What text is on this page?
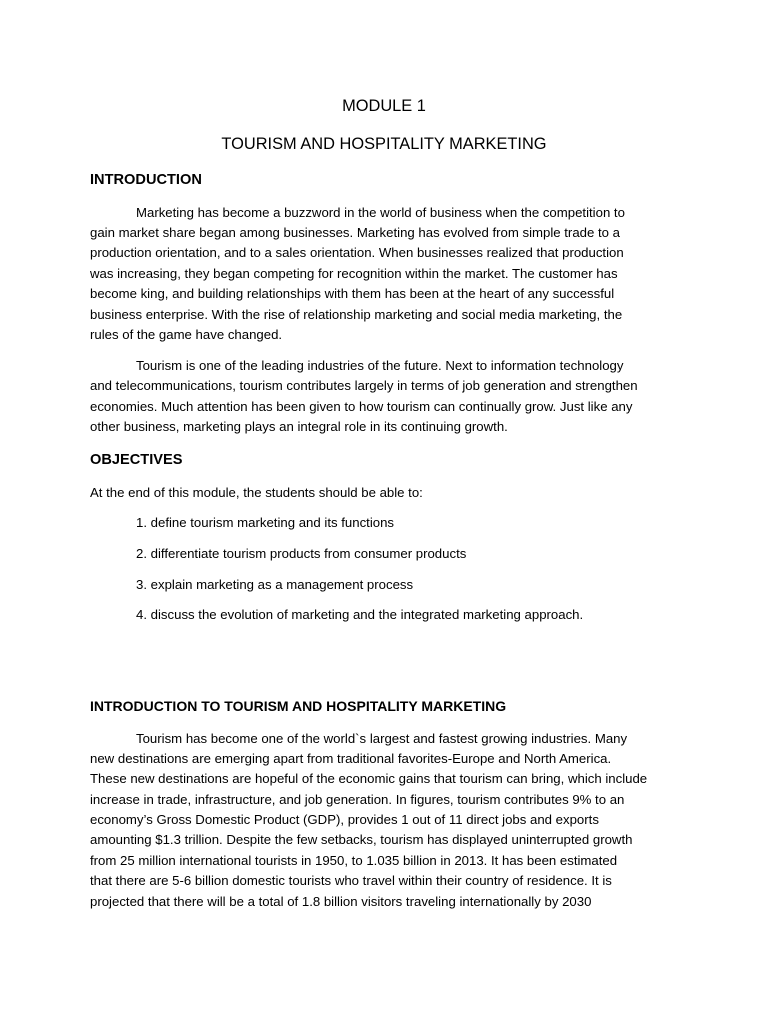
MODULE 1
TOURISM AND HOSPITALITY MARKETING
INTRODUCTION
Marketing has become a buzzword in the world of business when the competition to
gain market share began among businesses. Marketing has evolved from simple trade to a
production orientation, and to a sales orientation. When businesses realized that production
was increasing, they began competing for recognition within the market. The customer has
become king, and building relationships with them has been at the heart of any successful
business enterprise. With the rise of relationship marketing and social media marketing, the
rules of the game have changed.
Tourism is one of the leading industries of the future. Next to information technology
and telecommunications, tourism contributes largely in terms of job generation and strengthen
economies. Much attention has been given to how tourism can continually grow. Just like any
other business, marketing plays an integral role in its continuing growth.
OBJECTIVES
At the end of this module, the students should be able to:
1. define tourism marketing and its functions
2. differentiate tourism products from consumer products
3. explain marketing as a management process
4. discuss the evolution of marketing and the integrated marketing approach.
INTRODUCTION TO TOURISM AND HOSPITALITY MARKETING
Tourism has become one of the world`s largest and fastest growing industries. Many
new destinations are emerging apart from traditional favorites-Europe and North America.
These new destinations are hopeful of the economic gains that tourism can bring, which include
increase in trade, infrastructure, and job generation. In figures, tourism contributes 9% to an
economy’s Gross Domestic Product (GDP), provides 1 out of 11 direct jobs and exports
amounting $1.3 trillion. Despite the few setbacks, tourism has displayed uninterrupted growth
from 25 million international tourists in 1950, to 1.035 billion in 2013. It has been estimated
that there are 5-6 billion domestic tourists who travel within their country of residence. It is
projected that there will be a total of 1.8 billion visitors traveling internationally by 2030
